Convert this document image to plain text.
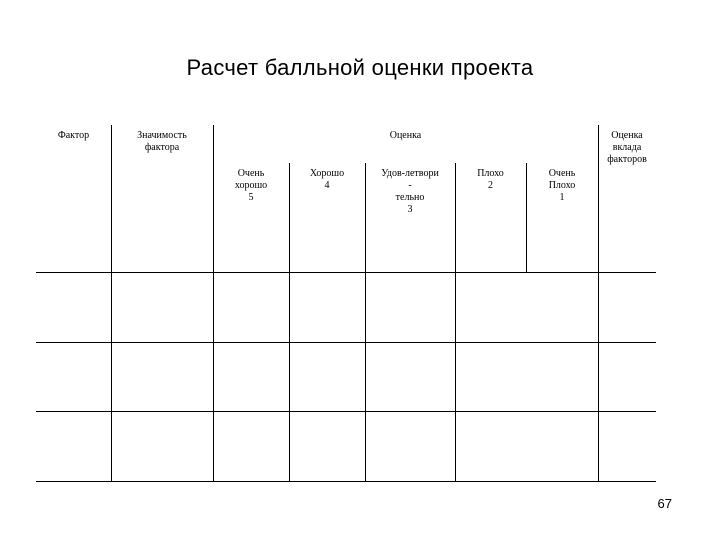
Расчет балльной оценки проекта
Фактор	Значимость
фактора
Оценка	Оценка
вклада
факторов
Очень
хорошо
5
Хорошо
4
Удов-летвори
-
тельно
3
Плохо
2
Очень
Плохо
1
67
